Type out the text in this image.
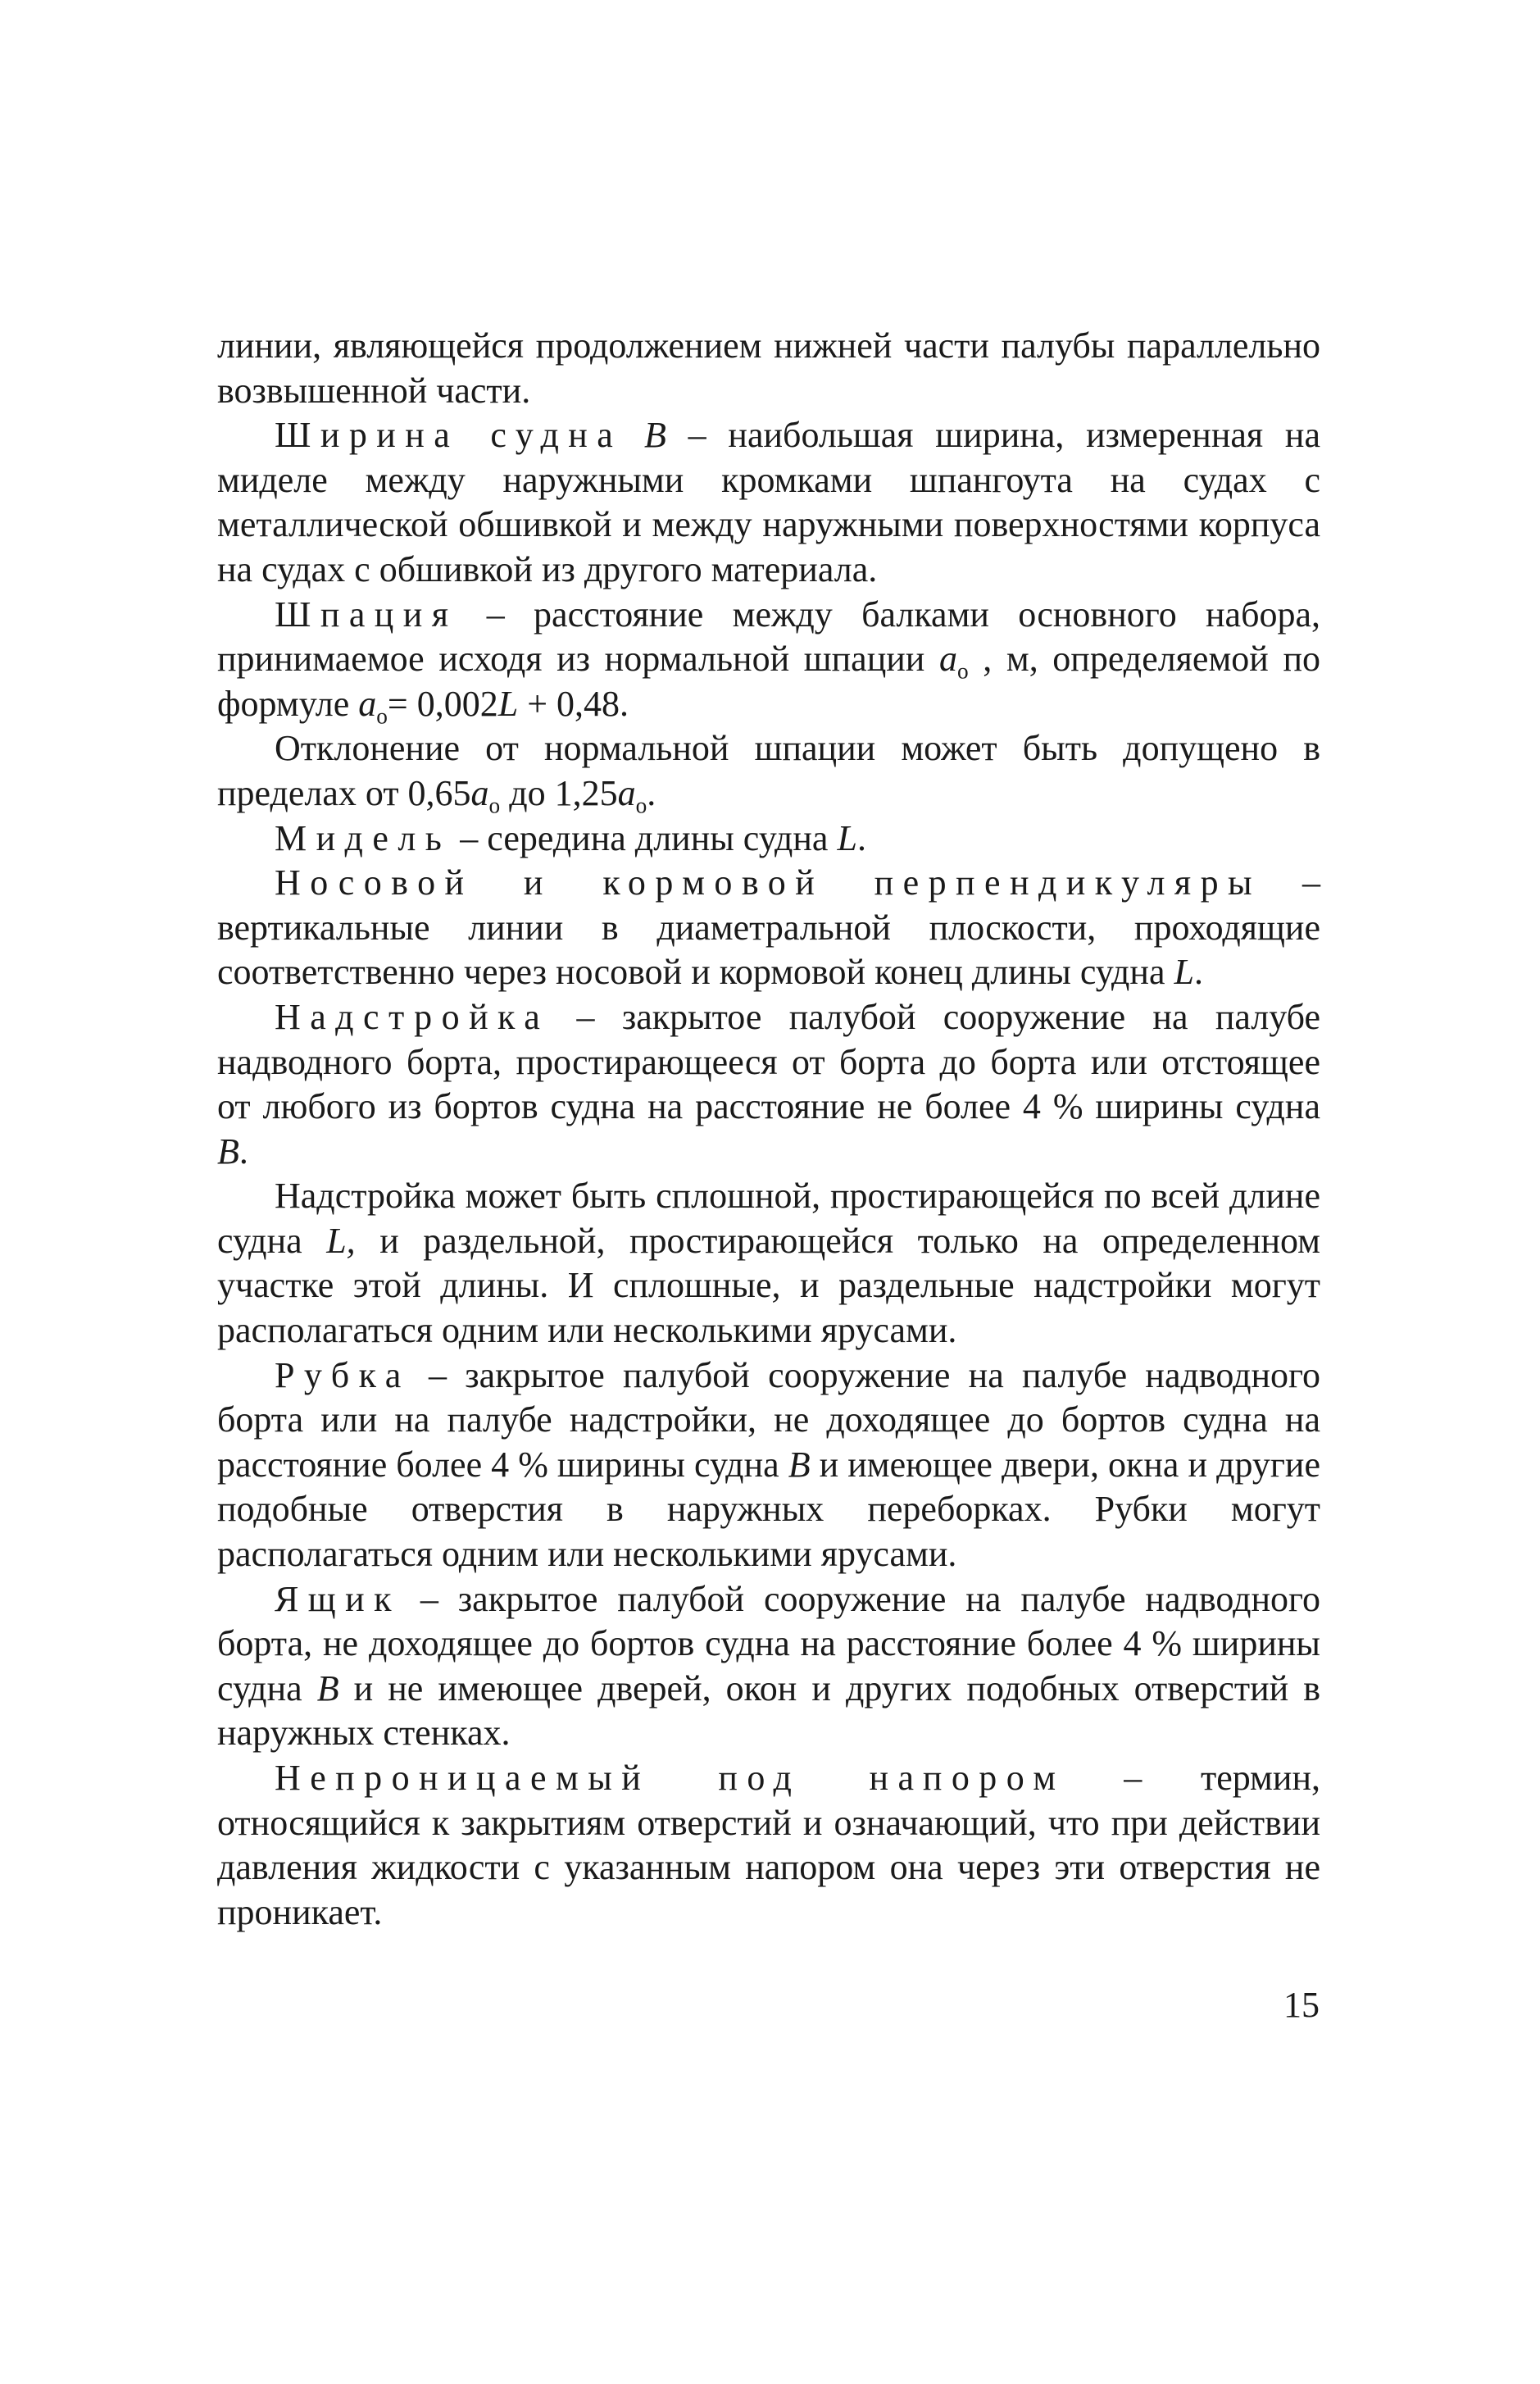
линии, являющейся продолжением нижней части палубы параллельно возвышенной части.

Ширина судна B – наибольшая ширина, измеренная на миделе между наружными кромками шпангоута на судах с металлической обшивкой и между наружными поверхностями корпуса на судах с обшивкой из другого материала.

Шпация – расстояние между балками основного набора, принимаемое исходя из нормальной шпации $a_o$ , м, определяемой по формуле $a_o= 0,002L + 0,48$.

Отклонение от нормальной шпации может быть допущено в пределах от $0,65a_o$ до $1,25a_o$.

Мидель – середина длины судна L.

Носовой и кормовой перпендикуляры – вертикальные линии в диаметральной плоскости, проходящие соответственно через носовой и кормовой конец длины судна L.

Надстройка – закрытое палубой сооружение на палубе надводного борта, простирающееся от борта до борта или отстоящее от любого из бортов судна на расстояние не более 4 % ширины судна B.

Надстройка может быть сплошной, простирающейся по всей длине судна L, и раздельной, простирающейся только на определенном участке этой длины. И сплошные, и раздельные надстройки могут располагаться одним или несколькими ярусами.

Рубка – закрытое палубой сооружение на палубе надводного борта или на палубе надстройки, не доходящее до бортов судна на расстояние более 4 % ширины судна B и имеющее двери, окна и другие подобные отверстия в наружных переборках. Рубки могут располагаться одним или несколькими ярусами.

Ящик – закрытое палубой сооружение на палубе надводного борта, не доходящее до бортов судна на расстояние более 4 % ширины судна B и не имеющее дверей, окон и других подобных отверстий в наружных стенках.

Непроницаемый под напором – термин, относящийся к закрытиям отверстий и означающий, что при действии давления жидкости с указанным напором она через эти отверстия не проникает.

15
